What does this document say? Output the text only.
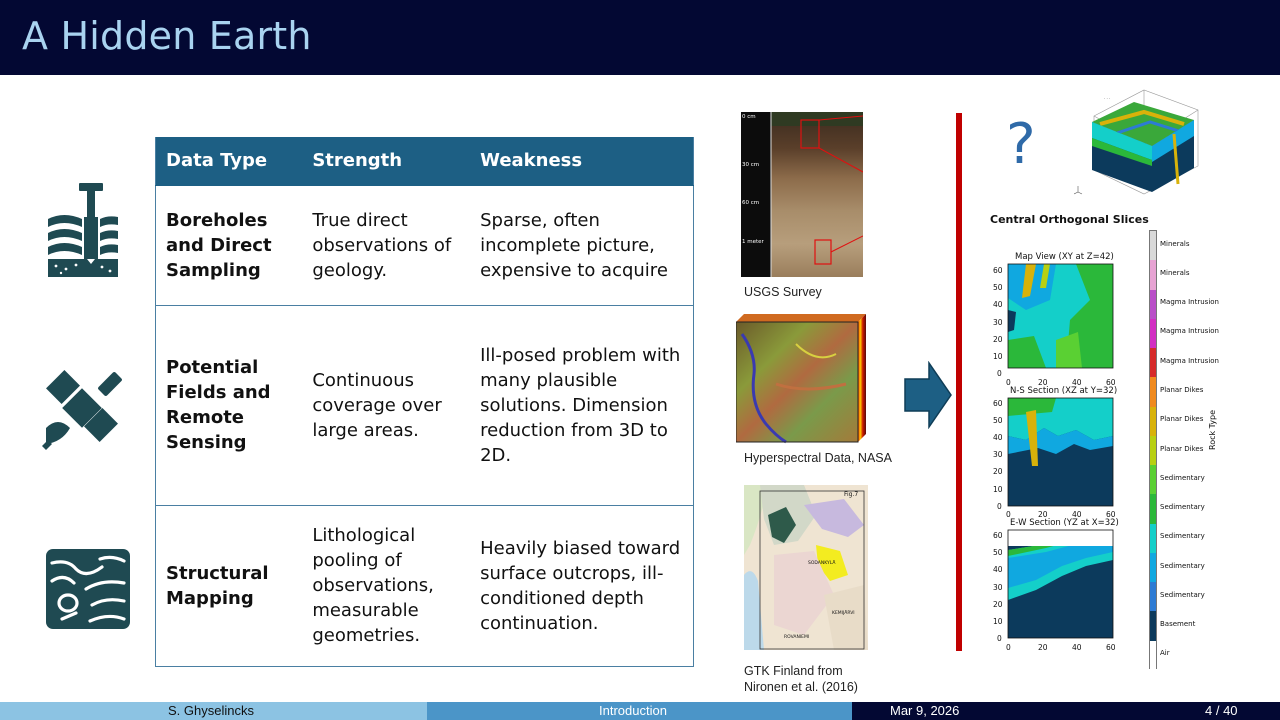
A Hidden Earth
Data Type	Strength	Weakness
Boreholes and Direct Sampling	True direct observations of geology.	Sparse, often incomplete picture, expensive to acquire
Potential Fields and Remote Sensing	Continuous coverage over large areas.	Ill-posed problem with many plausible solutions. Dimension reduction from 3D to 2D.
Structural Mapping	Lithological pooling of observations, measurable geometries.	Heavily biased toward surface outcrops, ill-conditioned depth continuation.
0 cm
30 cm
60 cm
1 meter
USGS Survey
Hyperspectral Data, NASA
Fig.7
KEMIJÄRVI
SODANKYLÄ
ROVANIEMI
GTK Finland from
Nironen et al. (2016)
?
· · ·
Central Orthogonal Slices
Map View (XY at Z=42)
N-S Section (XZ at Y=32)
E-W Section (YZ at X=32)
60
50
40
30
20
10
0
60
50
40
30
20
10
0
60
50
40
30
20
10
0
0	20	40	60
0	20	40	60
0	20	40	60
Minerals
Minerals
Magma Intrusion
Magma Intrusion
Magma Intrusion
Planar Dikes
Planar Dikes
Planar Dikes
Sedimentary
Sedimentary
Sedimentary
Sedimentary
Sedimentary
Basement
Air
Rock Type
S. Ghyselincks	Introduction	Mar 9, 2026	4 / 40
